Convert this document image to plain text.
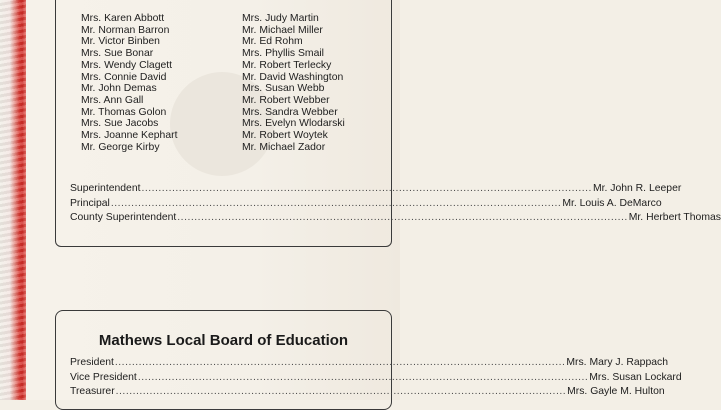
Mrs. Karen Abbott
Mr. Norman Barron
Mr. Victor Binben
Mrs. Sue Bonar
Mrs. Wendy Clagett
Mrs. Connie David
Mr. John Demas
Mrs. Ann Gall
Mr. Thomas Golon
Mrs. Sue Jacobs
Mrs. Joanne Kephart
Mr. George Kirby
Mrs. Judy Martin
Mr. Michael Miller
Mr. Ed Rohm
Mrs. Phyllis Smail
Mr. Robert Terlecky
Mr. David Washington
Mrs. Susan Webb
Mr. Robert Webber
Mrs. Sandra Webber
Mrs. Evelyn Wlodarski
Mr. Robert Woytek
Mr. Michael Zador
Superintendent ..................................................................................................................................... Mr. John R. Leeper
Principal ..................................................................................................................................... Mr. Louis A. DeMarco
County Superintendent ..................................................................................................................................... Mr. Herbert Thomas
Mathews Local Board of Education
President ..................................................................................................................................... Mrs. Mary J. Rappach
Vice President ..................................................................................................................................... Mrs. Susan Lockard
Treasurer ..................................................................................................................................... Mrs. Gayle M. Hulton
